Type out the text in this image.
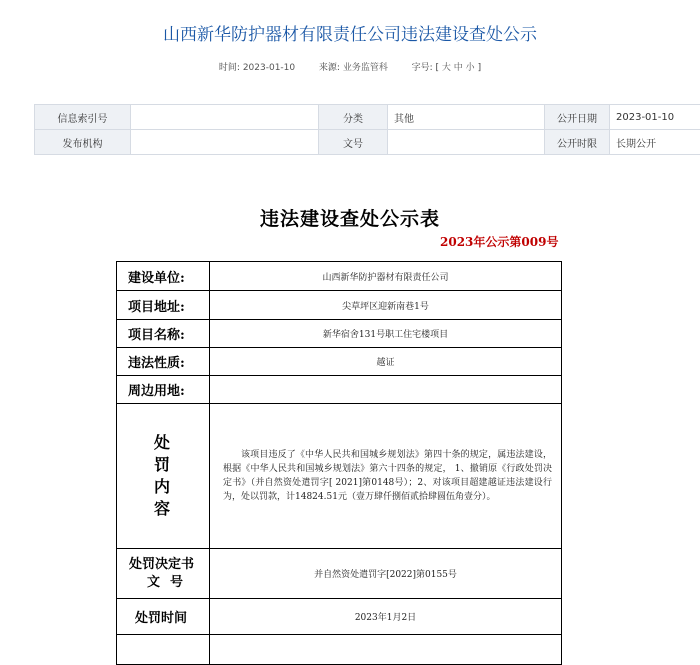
山西新华防护器材有限责任公司违法建设查处公示
时间: 2023-01-10	来源: 业务监管科	字号: [ 大 中 小 ]
信息索引号		分类	其他	公开日期	2023-01-10
发布机构		文号		公开时限	长期公开
违法建设查处公示表
2023年公示第009号
建设单位:	山西新华防护器材有限责任公司
项目地址:	尖草坪区迎新南巷1号
项目名称:	新华宿舍131号职工住宅楼项目
违法性质:	越证
周边用地:	

处
罚
内
容	该项目违反了《中华人民共和国城乡规划法》第四十条的规定，属违法建设，根据《中华人民共和国城乡规划法》第六十四条的规定， 1、撤销原《行政处罚决定书》（并自然资处遣罚字[ 2021]第0148号）；2、对该项目超建越证违法建设行为，处以罚款，计14824.51元（壹万肆仟捌佰贰拾肆圆伍角壹分）。

处罚决定书
文号	并自然资处遣罚字[2022]第0155号
处罚时间	2023年1月2日
